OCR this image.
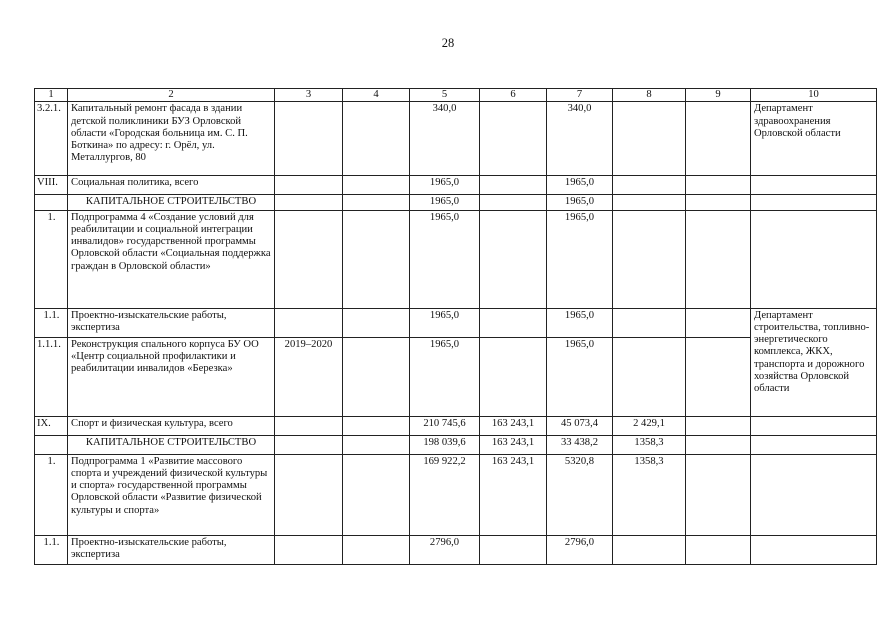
28
1	2	3	4	5	6	7	8	9	10
3.2.1.	Капитальный ремонт фасада в здании детской поликлиники БУЗ Орловской области «Городская больница им. С. П. Боткина» по адресу: г. Орёл, ул. Металлургов, 80			340,0		340,0			Департамент здравоохранения Орловской области
VIII.	Социальная политика, всего			1965,0		1965,0			
	КАПИТАЛЬНОЕ СТРОИТЕЛЬСТВО			1965,0		1965,0			
1.	Подпрограмма 4 «Создание условий для реабилитации и социальной интеграции инвалидов» государственной программы Орловской области «Социальная поддержка граждан в Орловской области»			1965,0		1965,0			
1.1.	Проектно-изыскательские работы, экспертиза			1965,0		1965,0			Департамент строительства, топливно-энергетического комплекса, ЖКХ, транспорта и дорожного хозяйства Орловской области
1.1.1.	Реконструкция спального корпуса БУ ОО «Центр социальной профилактики и реабилитации инвалидов «Березка»	2019–2020		1965,0		1965,0			
IX.	Спорт и физическая культура, всего			210 745,6	163 243,1	45 073,4	2 429,1		
	КАПИТАЛЬНОЕ СТРОИТЕЛЬСТВО			198 039,6	163 243,1	33 438,2	1358,3		
1.	Подпрограмма 1 «Развитие массового спорта и учреждений физической культуры и спорта» государственной программы Орловской области «Развитие физической культуры и спорта»			169 922,2	163 243,1	5320,8	1358,3		
1.1.	Проектно-изыскательские работы, экспертиза			2796,0		2796,0			
